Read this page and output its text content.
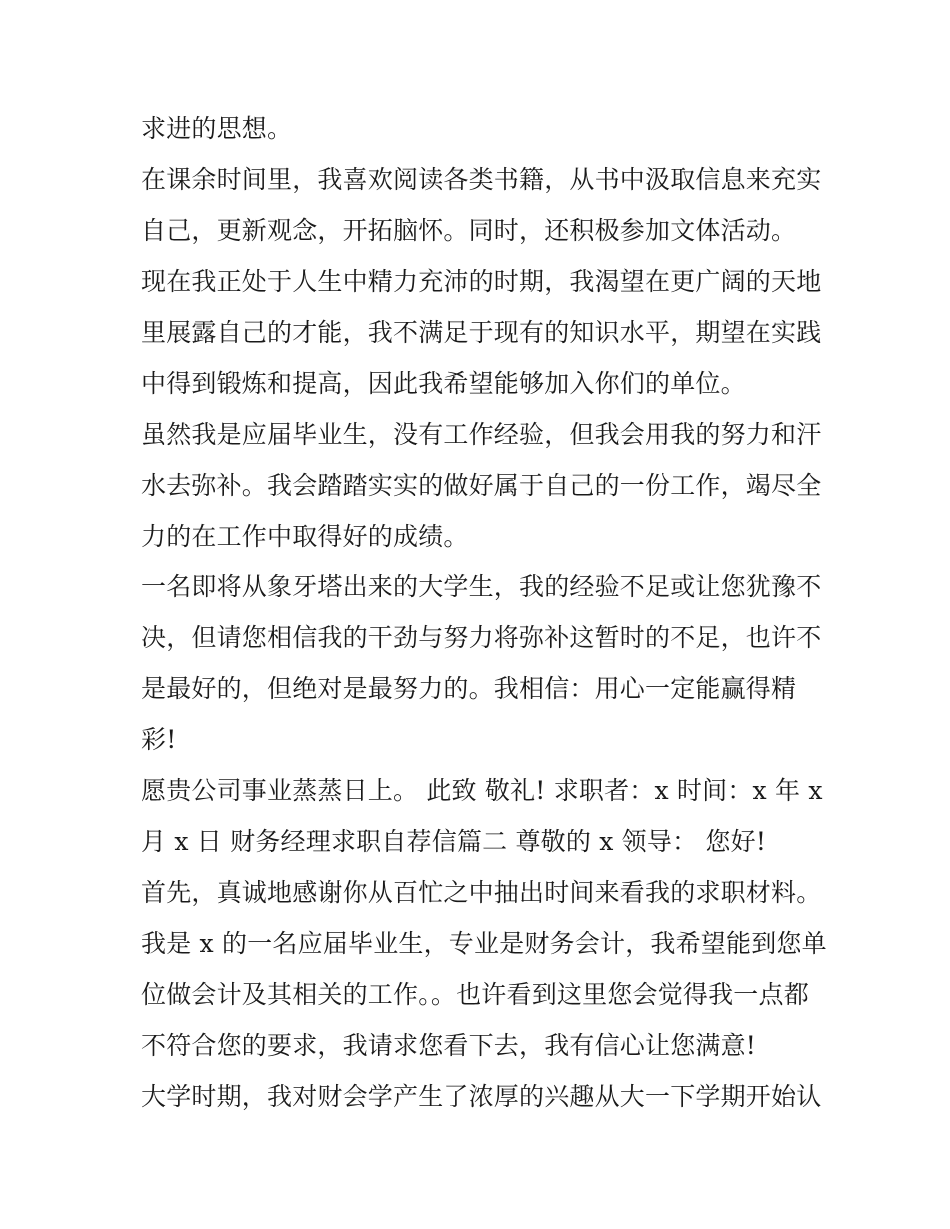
求进的思想。
在课余时间里，我喜欢阅读各类书籍，从书中汲取信息来充实
自己，更新观念，开拓脑怀。同时，还积极参加文体活动。
现在我正处于人生中精力充沛的时期，我渴望在更广阔的天地
里展露自己的才能，我不满足于现有的知识水平，期望在实践
中得到锻炼和提高，因此我希望能够加入你们的单位。
虽然我是应届毕业生，没有工作经验，但我会用我的努力和汗
水去弥补。我会踏踏实实的做好属于自己的一份工作，竭尽全
力的在工作中取得好的成绩。
一名即将从象牙塔出来的大学生，我的经验不足或让您犹豫不
决，但请您相信我的干劲与努力将弥补这暂时的不足，也许不
是最好的，但绝对是最努力的。我相信：用心一定能赢得精
彩!
愿贵公司事业蒸蒸日上。 此致 敬礼! 求职者：x 时间：x 年 x
月 x 日 财务经理求职自荐信篇二 尊敬的 x 领导： 您好!
首先，真诚地感谢你从百忙之中抽出时间来看我的求职材料。
我是 x 的一名应届毕业生，专业是财务会计，我希望能到您单
位做会计及其相关的工作。。也许看到这里您会觉得我一点都
不符合您的要求，我请求您看下去，我有信心让您满意!
大学时期，我对财会学产生了浓厚的兴趣从大一下学期开始认
